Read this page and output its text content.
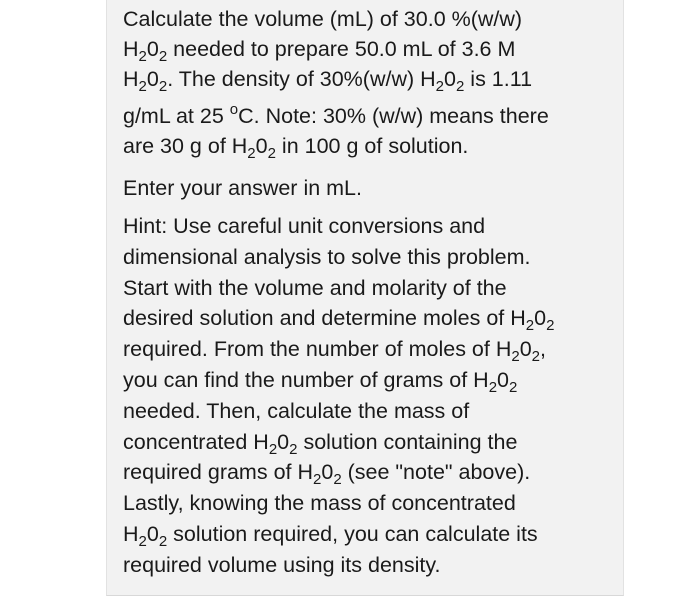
Calculate the volume (mL) of 30.0 %(w/w)
$H_20_2$ needed to prepare 50.0 mL of 3.6 M
$H_20_2$. The density of 30%(w/w) $H_20_2$ is 1.11
g/mL at 25 $^o$C. Note: 30% (w/w) means there
are 30 g of $H_20_2$ in 100 g of solution.

Enter your answer in mL.

Hint: Use careful unit conversions and
dimensional analysis to solve this problem.
Start with the volume and molarity of the
desired solution and determine moles of $H_20_2$
required. From the number of moles of $H_20_2$,
you can find the number of grams of $H_20_2$
needed. Then, calculate the mass of
concentrated $H_20_2$ solution containing the
required grams of $H_20_2$ (see "note" above).
Lastly, knowing the mass of concentrated
$H_20_2$ solution required, you can calculate its
required volume using its density.
